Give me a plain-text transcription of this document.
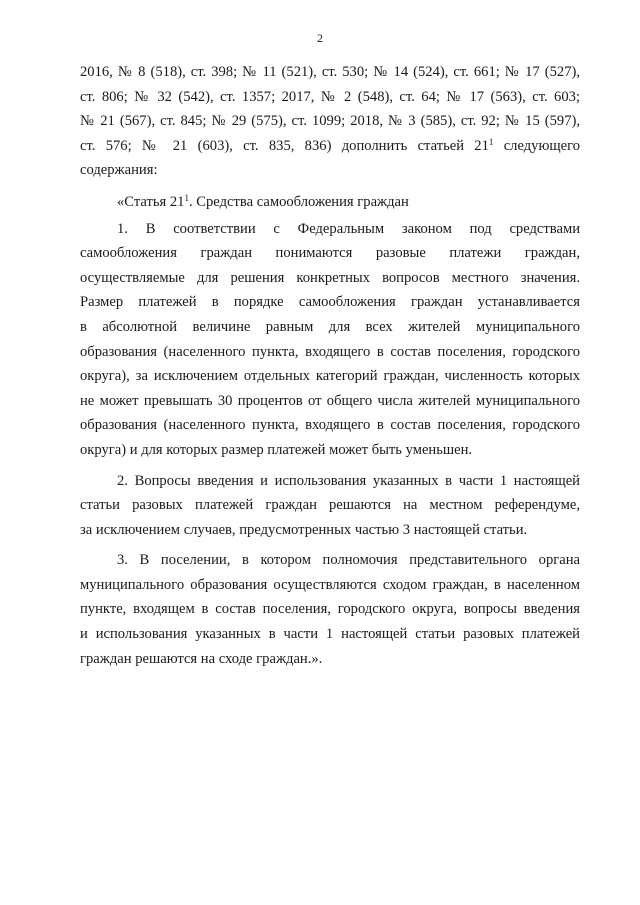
2
2016, № 8 (518), ст. 398; № 11 (521), ст. 530; № 14 (524), ст. 661; № 17 (527),
ст. 806; № 32 (542), ст. 1357; 2017, № 2 (548), ст. 64; № 17 (563), ст. 603;
№ 21 (567), ст. 845; № 29 (575), ст. 1099; 2018, № 3 (585), ст. 92; № 15 (597),
ст. 576; № 21 (603), ст. 835, 836) дополнить статьей $21^1$ следующего
содержания:
«Статья $21^1$. Средства самообложения граждан
1. В соответствии с Федеральным законом под средствами
самообложения граждан понимаются разовые платежи граждан,
осуществляемые для решения конкретных вопросов местного значения.
Размер платежей в порядке самообложения граждан устанавливается
в абсолютной величине равным для всех жителей муниципального
образования (населенного пункта, входящего в состав поселения, городского
округа), за исключением отдельных категорий граждан, численность которых
не может превышать 30 процентов от общего числа жителей муниципального
образования (населенного пункта, входящего в состав поселения, городского
округа) и для которых размер платежей может быть уменьшен.
2. Вопросы введения и использования указанных в части 1 настоящей
статьи разовых платежей граждан решаются на местном референдуме,
за исключением случаев, предусмотренных частью 3 настоящей статьи.
3. В поселении, в котором полномочия представительного органа
муниципального образования осуществляются сходом граждан, в населенном
пункте, входящем в состав поселения, городского округа, вопросы введения
и использования указанных в части 1 настоящей статьи разовых платежей
граждан решаются на сходе граждан.».
